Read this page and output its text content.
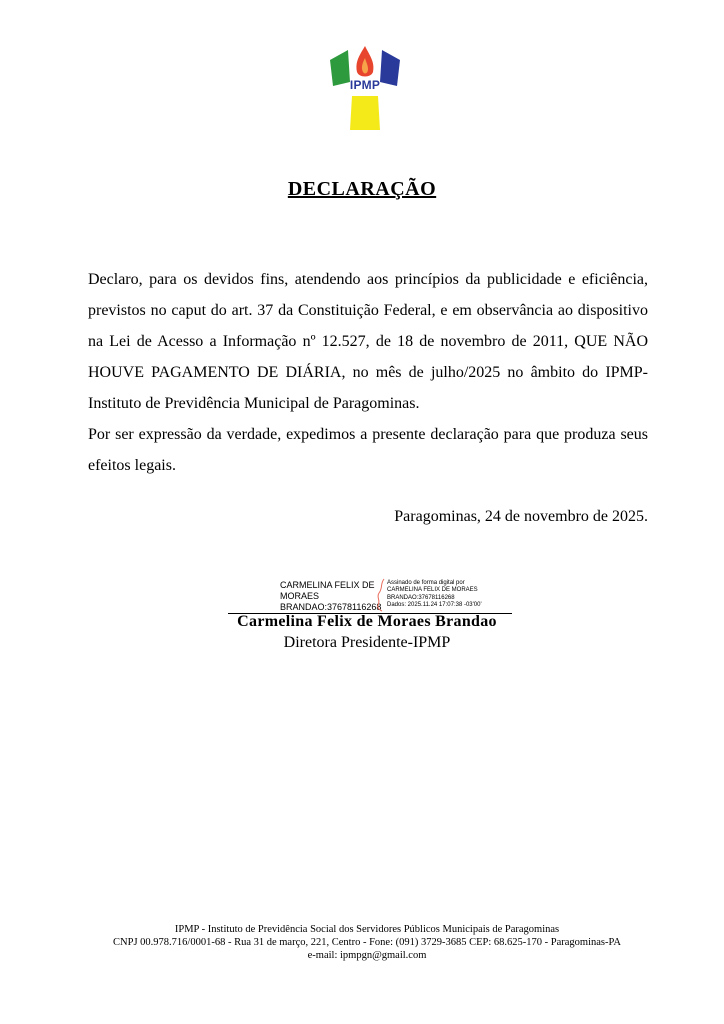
IPMP
DECLARAÇÃO

Declaro, para os devidos fins, atendendo aos princípios da publicidade e eficiência, previstos no caput do art. 37 da Constituição Federal, e em observância ao dispositivo na Lei de Acesso a Informação nº 12.527, de 18 de novembro de 2011, QUE NÃO HOUVE PAGAMENTO DE DIÁRIA, no mês de julho/2025 no âmbito do IPMP-Instituto de Previdência Municipal de Paragominas.

Por ser expressão da verdade, expedimos a presente declaração para que produza seus efeitos legais.

Paragominas, 24 de novembro de 2025.
CARMELINA FELIX DE
MORAES
BRANDAO:37678116268
Assinado de forma digital por
CARMELINA FELIX DE MORAES
BRANDAO:37678116268
Dados: 2025.11.24 17:07:38 -03'00'
Carmelina Felix de Moraes Brandao
Diretora Presidente-IPMP
IPMP - Instituto de Previdência Social dos Servidores Públicos Municipais de Paragominas
CNPJ 00.978.716/0001-68 - Rua 31 de março, 221, Centro - Fone: (091) 3729-3685 CEP: 68.625-170 - Paragominas-PA
e-mail: ipmpgn@gmail.com
